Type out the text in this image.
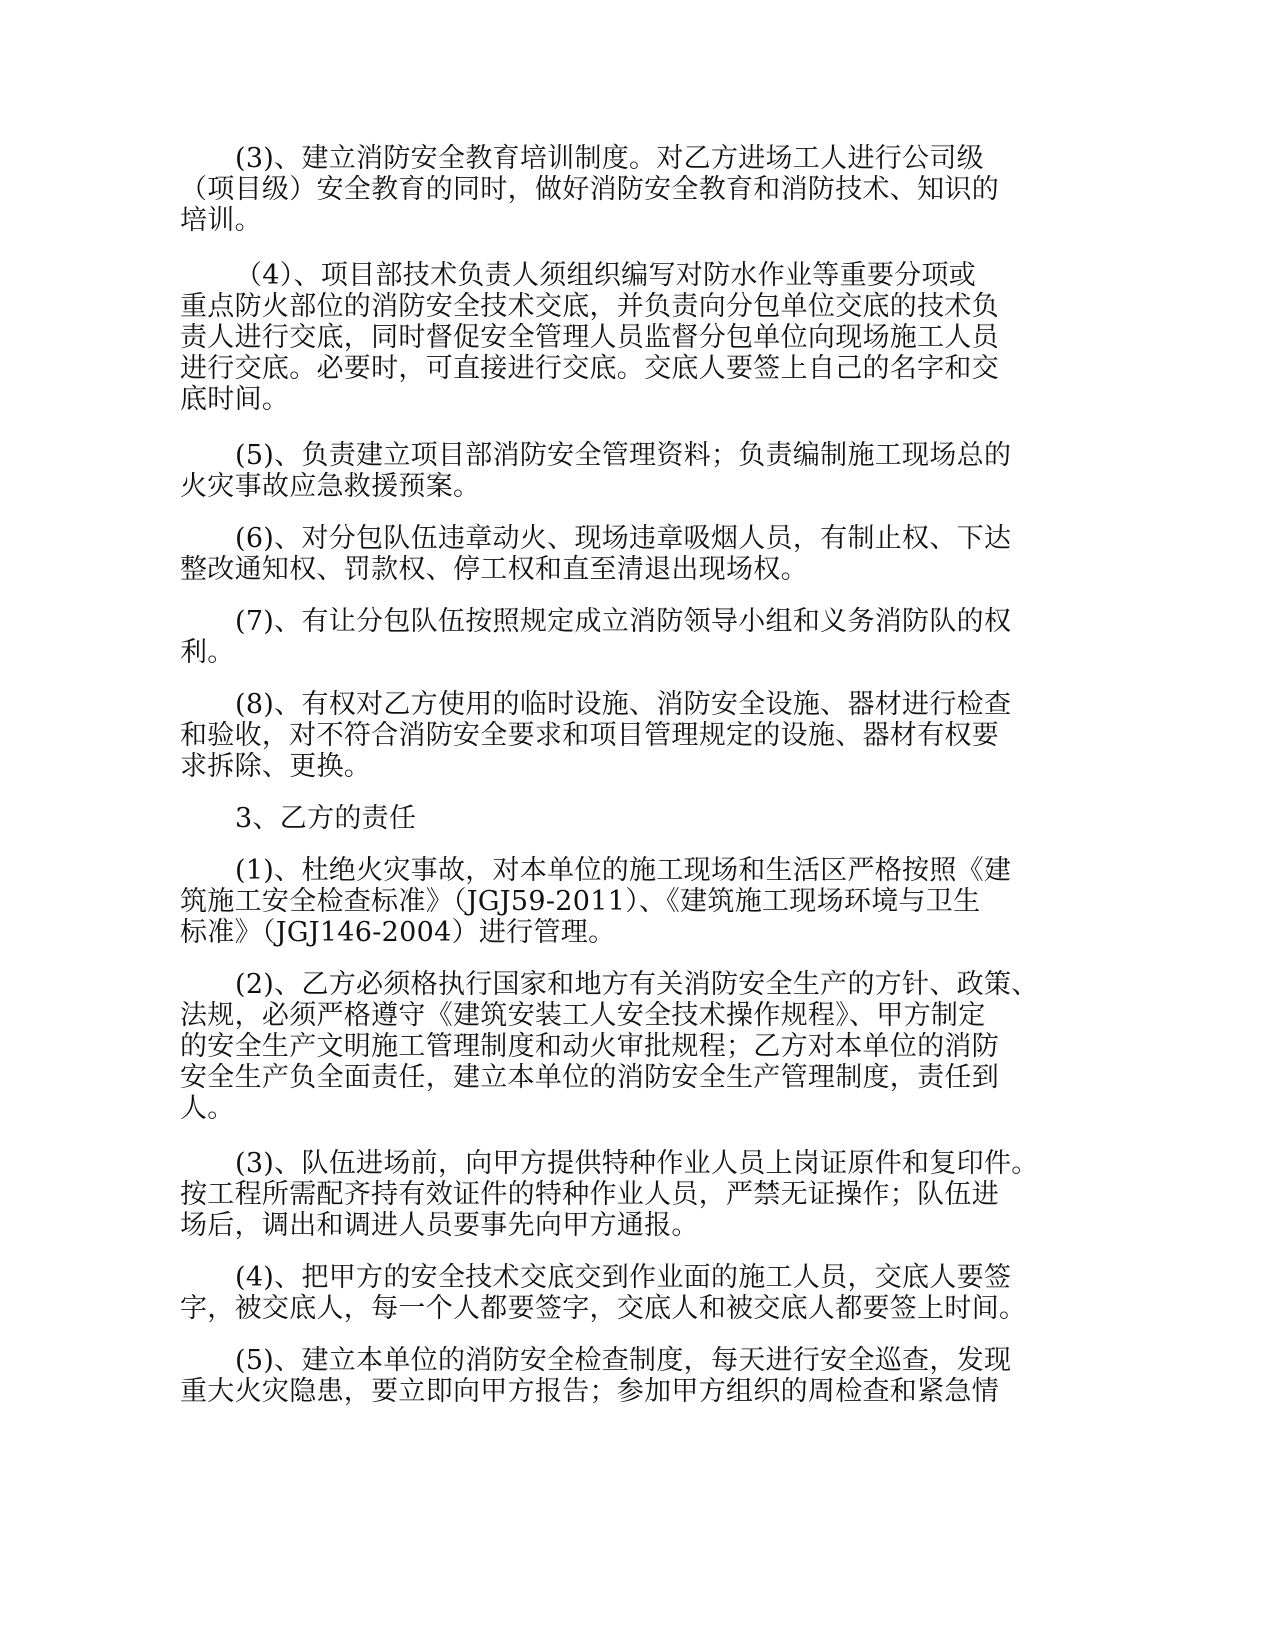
(3)、建立消防安全教育培训制度。对乙方进场工人进行公司级
（项目级）安全教育的同时，做好消防安全教育和消防技术、知识的
培训。
（4）、项目部技术负责人须组织编写对防水作业等重要分项或
重点防火部位的消防安全技术交底，并负责向分包单位交底的技术负
责人进行交底，同时督促安全管理人员监督分包单位向现场施工人员
进行交底。必要时，可直接进行交底。交底人要签上自己的名字和交
底时间。
(5)、负责建立项目部消防安全管理资料；负责编制施工现场总的
火灾事故应急救援预案。
(6)、对分包队伍违章动火、现场违章吸烟人员，有制止权、下达
整改通知权、罚款权、停工权和直至清退出现场权。
(7)、有让分包队伍按照规定成立消防领导小组和义务消防队的权
利。
(8)、有权对乙方使用的临时设施、消防安全设施、器材进行检查
和验收，对不符合消防安全要求和项目管理规定的设施、器材有权要
求拆除、更换。
3、乙方的责任
(1)、杜绝火灾事故，对本单位的施工现场和生活区严格按照《建
筑施工安全检查标准》（JGJ59-2011）、《建筑施工现场环境与卫生
标准》（JGJ146-2004）进行管理。
(2)、乙方必须格执行国家和地方有关消防安全生产的方针、政策、
法规，必须严格遵守《建筑安装工人安全技术操作规程》、甲方制定
的安全生产文明施工管理制度和动火审批规程；乙方对本单位的消防
安全生产负全面责任，建立本单位的消防安全生产管理制度，责任到
人。
(3)、队伍进场前，向甲方提供特种作业人员上岗证原件和复印件。
按工程所需配齐持有效证件的特种作业人员，严禁无证操作；队伍进
场后，调出和调进人员要事先向甲方通报。
(4)、把甲方的安全技术交底交到作业面的施工人员，交底人要签
字，被交底人，每一个人都要签字，交底人和被交底人都要签上时间。
(5)、建立本单位的消防安全检查制度，每天进行安全巡查，发现
重大火灾隐患，要立即向甲方报告；参加甲方组织的周检查和紧急情
